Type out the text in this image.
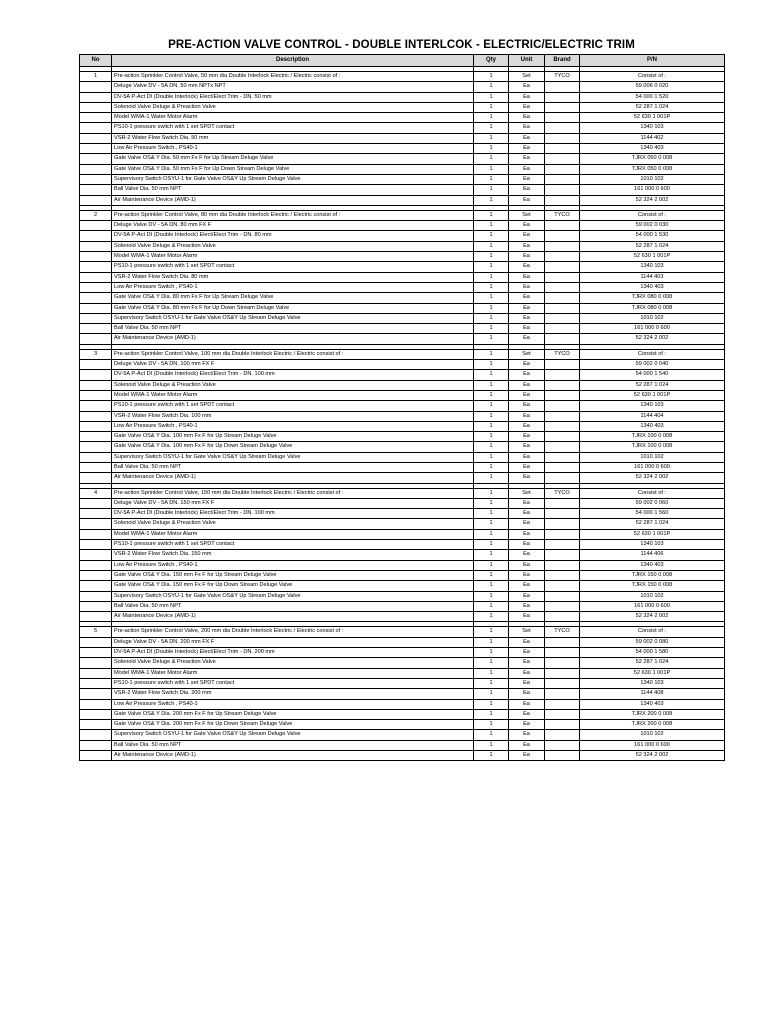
PRE-ACTION VALVE CONTROL - DOUBLE INTERLCOK - ELECTRIC/ELECTRIC TRIM
No	Description	Qty	Unit	Brand	P/N

1	Pre-action Sprinkler Control Valve, 50 mm dia Double Interlock Electric / Electric consist of :	1	Set	TYCO	Consist of :
	Deluge Valve DV - 5A DN. 50 mm NPTx NPT	1	Ea		59 006 0 020
	DV-5A P-Act DI (Double Interlock) Elect/Elect Trim - DN. 50 mm	1	Ea		54 000 1 520
	Solenoid Valve Deluge & Preaction Valve	1	Ea		52 287 1 024
	Model WMA-1 Water Motor Alarm	1	Ea		52 630 1 001P
	PS10-1 pressure switch with 1 set SPDT contact	1	Ea		1340 103
	VSR-2 Water Flow Switch Dia. 50 mm	1	Ea		1144 402
	Low Air Pressure Switch , PS40-1	1	Ea		1340 403
	Gate Valve OS& Y Dia. 50 mm Fx F for Up Stream Deluge Valve	1	Ea		TJRX 050 0 008
	Gate Valve OS& Y Dia. 50 mm Fx F for Up Down Stream Deluge Valve	1	Ea		TJRX 050 0 008
	Supervisory Switch OSYU-1 for Gate Valve OS&Y Up Stream Deluge Valve	1	Ea		1010 102
	Ball Valve Dia. 50 mm NPT	1	Ea		161 000 0 600
	Air Maintenance Device (AMD-1)	1	Ea		52 324 2 002

2	Pre-action Sprinkler Control Valve, 80 mm dia Double Interlock Electric / Electric consist of :	1	Set	TYCO	Consist of :
	Deluge Valve DV - 5A DN. 80 mm FX F	1	Ea		59 002 0 030
	DV-5A P-Act DI (Double Interlock) Elect/Elect Trim - DN. 80 mm	1	Ea		54 000 1 530
	Solenoid Valve Deluge & Preaction Valve	1	Ea		52 287 1 024
	Model WMA-1 Water Motor Alarm	1	Ea		52 630 1 001P
	PS10-1 pressure switch with 1 set SPDT contact	1	Ea		1340 103
	VSR-2 Water Flow Switch Dia. 80 mm	1	Ea		1144 403
	Low Air Pressure Switch , PS40-1	1	Ea		1340 403
	Gate Valve OS& Y Dia. 80 mm Fx F for Up Stream Deluge Valve	1	Ea		TJRX 080 0 008
	Gate Valve OS& Y Dia. 80 mm Fx F for Up Down Stream Deluge Valve	1	Ea		TJRX 080 0 008
	Supervisory Switch OSYU-1 for Gate Valve OS&Y Up Stream Deluge Valve	1	Ea		1010 102
	Ball Valve Dia. 50 mm NPT	1	Ea		161 000 0 600
	Air Maintenance Device (AMD-1)	1	Ea		52 324 2 002

3	Pre-action Sprinkler Control Valve, 100 mm dia Double Interlock Electric / Electric consist of :	1	Set	TYCO	Consist of :
	Deluge Valve DV - 5A DN. 100 mm FX F	1	Ea		59 002 0 040
	DV-5A P-Act DI (Double Interlock) Elect/Elect Trim - DN. 100 mm	1	Ea		54 000 1 540
	Solenoid Valve Deluge & Preaction Valve	1	Ea		52 287 1 024
	Model WMA-1 Water Motor Alarm	1	Ea		52 630 1 001P
	PS10-1 pressure switch with 1 set SPDT contact	1	Ea		1340 103
	VSR-2 Water Flow Switch Dia. 100 mm	1	Ea		1144 404
	Low Air Pressure Switch , PS40-1	1	Ea		1340 403
	Gate Valve OS& Y Dia. 100 mm Fx F for Up Stream Deluge Valve	1	Ea		TJRX 100 0 008
	Gate Valve OS& Y Dia. 100 mm Fx F for Up Down Stream Deluge Valve	1	Ea		TJRX 100 0 008
	Supervisory Switch OSYU-1 for Gate Valve OS&Y Up Stream Deluge Valve	1	Ea		1010 102
	Ball Valve Dia. 50 mm NPT	1	Ea		161 000 0 600
	Air Maintenance Device (AMD-1)	1	Ea		52 324 2 002

4	Pre-action Sprinkler Control Valve, 150 mm dia Double Interlock Electric / Electric consist of :	1	Set	TYCO	Consist of :
	Deluge Valve DV - 5A DN. 150 mm FX F	1	Ea		59 002 0 060
	DV-5A P-Act DI (Double Interlock) Elect/Elect Trim - DN. 100 mm	1	Ea		54 000 1 560
	Solenoid Valve Deluge & Preaction Valve	1	Ea		52 287 1 024
	Model WMA-1 Water Motor Alarm	1	Ea		52 630 1 001P
	PS10-1 pressure switch with 1 set SPDT contact	1	Ea		1340 103
	VSR-2 Water Flow Switch Dia. 150 mm	1	Ea		1144 406
	Low Air Pressure Switch , PS40-1	1	Ea		1340 403
	Gate Valve OS& Y Dia. 150 mm Fx F for Up Stream Deluge Valve	1	Ea		TJRX 150 0 008
	Gate Valve OS& Y Dia. 150 mm Fx F for Up Down Stream Deluge Valve	1	Ea		TJRX 150 0 008
	Supervisory Switch OSYU-1 for Gate Valve OS&Y Up Stream Deluge Valve	1	Ea		1010 102
	Ball Valve Dia. 50 mm NPT	1	Ea		161 000 0 600
	Air Maintenance Device (AMD-1)	1	Ea		52 324 2 002

5	Pre-action Sprinkler Control Valve, 200 mm dia Double Interlock Electric / Electric consist of :	1	Set	TYCO	Consist of :
	Deluge Valve DV - 5A DN. 200 mm FX F	1	Ea		59 002 0 080
	DV-5A P-Act DI (Double Interlock) Elect/Elect Trim - DN. 200 mm	1	Ea		54 000 1 580
	Solenoid Valve Deluge & Preaction Valve	1	Ea		52 287 1 024
	Model WMA-1 Water Motor Alarm	1	Ea		52 630 1 001P
	PS10-1 pressure switch with 1 set SPDT contact	1	Ea		1340 103
	VSR-2 Water Flow Switch Dia. 200 mm	1	Ea		1144 408
	Low Air Pressure Switch , PS40-1	1	Ea		1340 403
	Gate Valve OS& Y Dia. 200 mm Fx F for Up Stream Deluge Valve	1	Ea		TJRX 200 0 008
	Gate Valve OS& Y Dia. 200 mm Fx F for Up Down Stream Deluge Valve	1	Ea		TJRX 200 0 008
	Supervisory Switch OSYU-1 for Gate Valve OS&Y Up Stream Deluge Valve	1	Ea		1010 102
	Ball Valve Dia. 50 mm NPT	1	Ea		161 000 0 600
	Air Maintenance Device (AMD-1)	1	Ea		52 324 2 002
